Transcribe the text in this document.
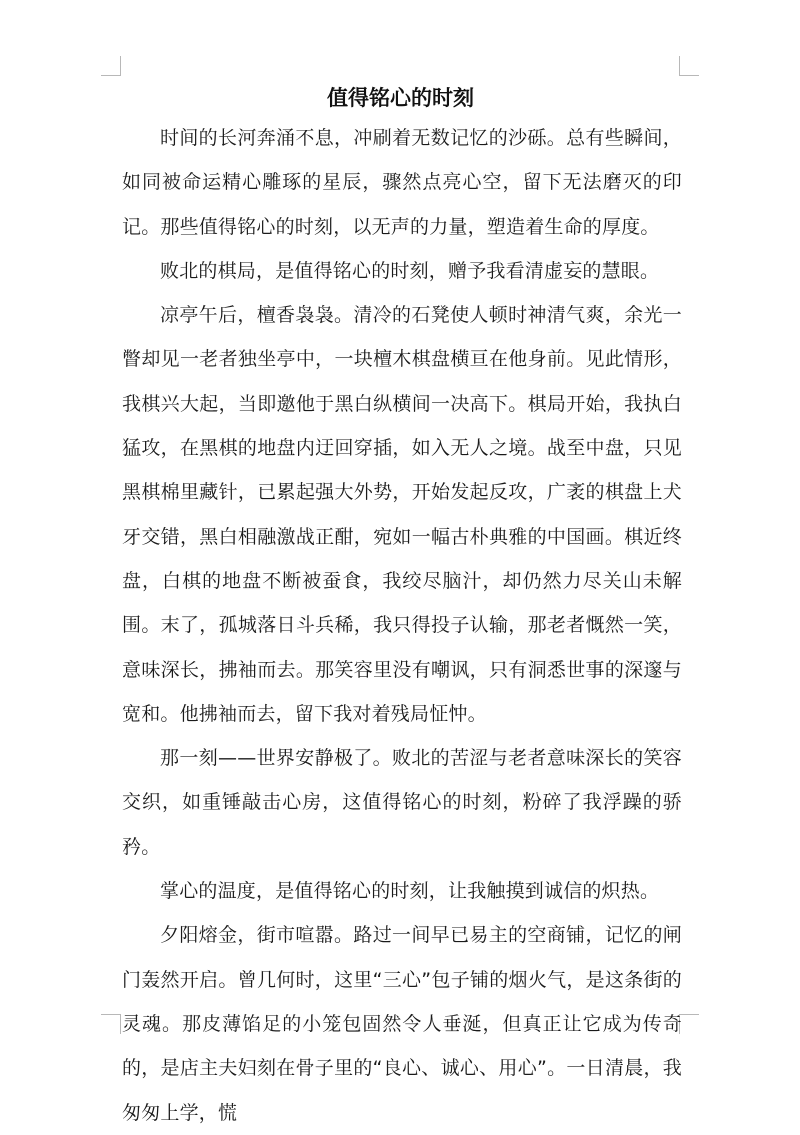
值得铭心的时刻

时间的长河奔涌不息，冲刷着无数记忆的沙砾。总有些瞬间，如同被命运精心雕琢的星辰，骤然点亮心空，留下无法磨灭的印记。那些值得铭心的时刻，以无声的力量，塑造着生命的厚度。

败北的棋局，是值得铭心的时刻，赠予我看清虚妄的慧眼。

凉亭午后，檀香袅袅。清冷的石凳使人顿时神清气爽，余光一瞥却见一老者独坐亭中，一块檀木棋盘横亘在他身前。见此情形，我棋兴大起，当即邀他于黑白纵横间一决高下。棋局开始，我执白猛攻，在黑棋的地盘内迂回穿插，如入无人之境。战至中盘，只见黑棋棉里藏针，已累起强大外势，开始发起反攻，广袤的棋盘上犬牙交错，黑白相融激战正酣，宛如一幅古朴典雅的中国画。棋近终盘，白棋的地盘不断被蚕食，我绞尽脑汁，却仍然力尽关山未解围。末了，孤城落日斗兵稀，我只得投子认输，那老者慨然一笑，意味深长，拂袖而去。那笑容里没有嘲讽，只有洞悉世事的深邃与宽和。他拂袖而去，留下我对着残局怔忡。

那一刻——世界安静极了。败北的苦涩与老者意味深长的笑容交织，如重锤敲击心房，这值得铭心的时刻，粉碎了我浮躁的骄矜。

掌心的温度，是值得铭心的时刻，让我触摸到诚信的炽热。

夕阳熔金，街市喧嚣。路过一间早已易主的空商铺，记忆的闸门轰然开启。曾几何时，这里“三心”包子铺的烟火气，是这条街的灵魂。那皮薄馅足的小笼包固然令人垂涎，但真正让它成为传奇的，是店主夫妇刻在骨子里的“良心、诚心、用心”。一日清晨，我匆匆上学，慌
